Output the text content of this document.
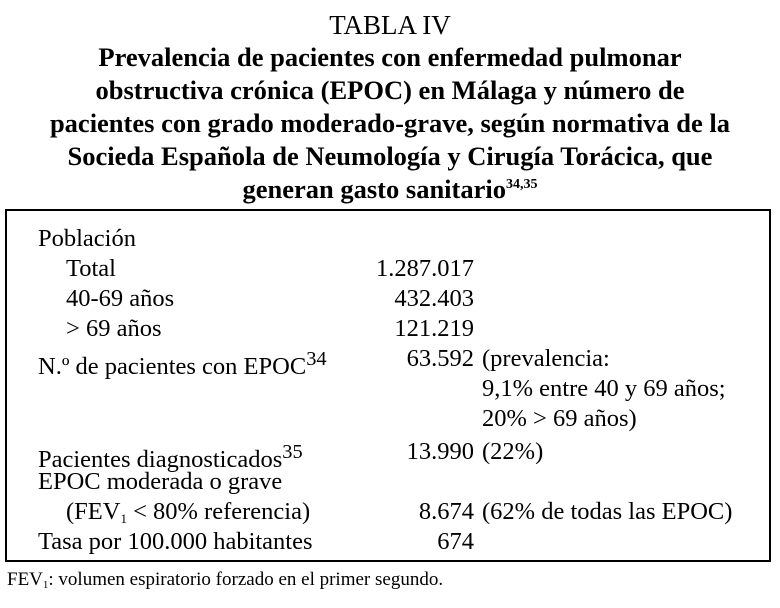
TABLA IV
Prevalencia de pacientes con enfermedad pulmonar
obstructiva crónica (EPOC) en Málaga y número de
pacientes con grado moderado-grave, según normativa de la
Socieda Española de Neumología y Cirugía Torácica, que
generan gasto sanitario$^{34,35}$
Población
Total	1.287.017
40-69 años	432.403
> 69 años	121.219
N.º de pacientes con EPOC$^{34}$	63.592 (prevalencia:
9,1% entre 40 y 69 años;
20% > 69 años)
Pacientes diagnosticados$^{35}$	13.990 (22%)
EPOC moderada o grave
($FEV_1 < 80\%$ referencia)	8.674 (62% de todas las EPOC)
Tasa por 100.000 habitantes	674
$FEV_1$: volumen espiratorio forzado en el primer segundo.
